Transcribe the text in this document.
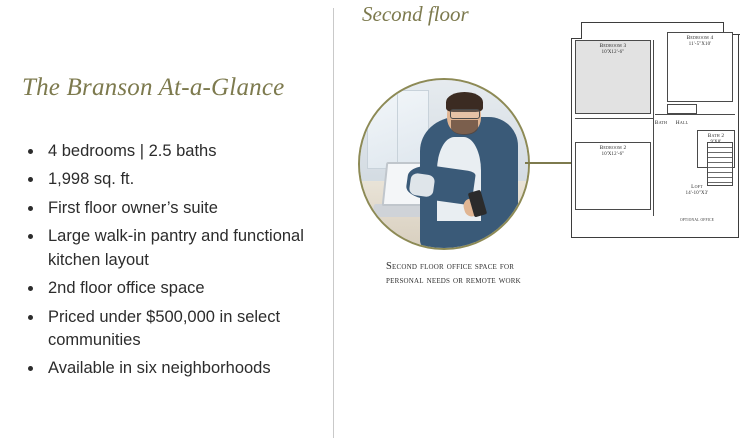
The Branson At-a-Glance
4 bedrooms | 2.5 baths
1,998 sq. ft.
First floor owner’s suite
Large walk-in pantry and functional kitchen layout
2nd floor office space
Priced under $500,000 in select communities
Available in six neighborhoods
Second floor
Second floor office space for personal needs or remote work
Bedroom 3
10'X12'-6"
Bedroom 4
11'-5"X10'
Bedroom 2
10'X12'-6"
Hall
Bath
Bath 2
Loft
14'-10"X3'
OPTIONAL OFFICE
